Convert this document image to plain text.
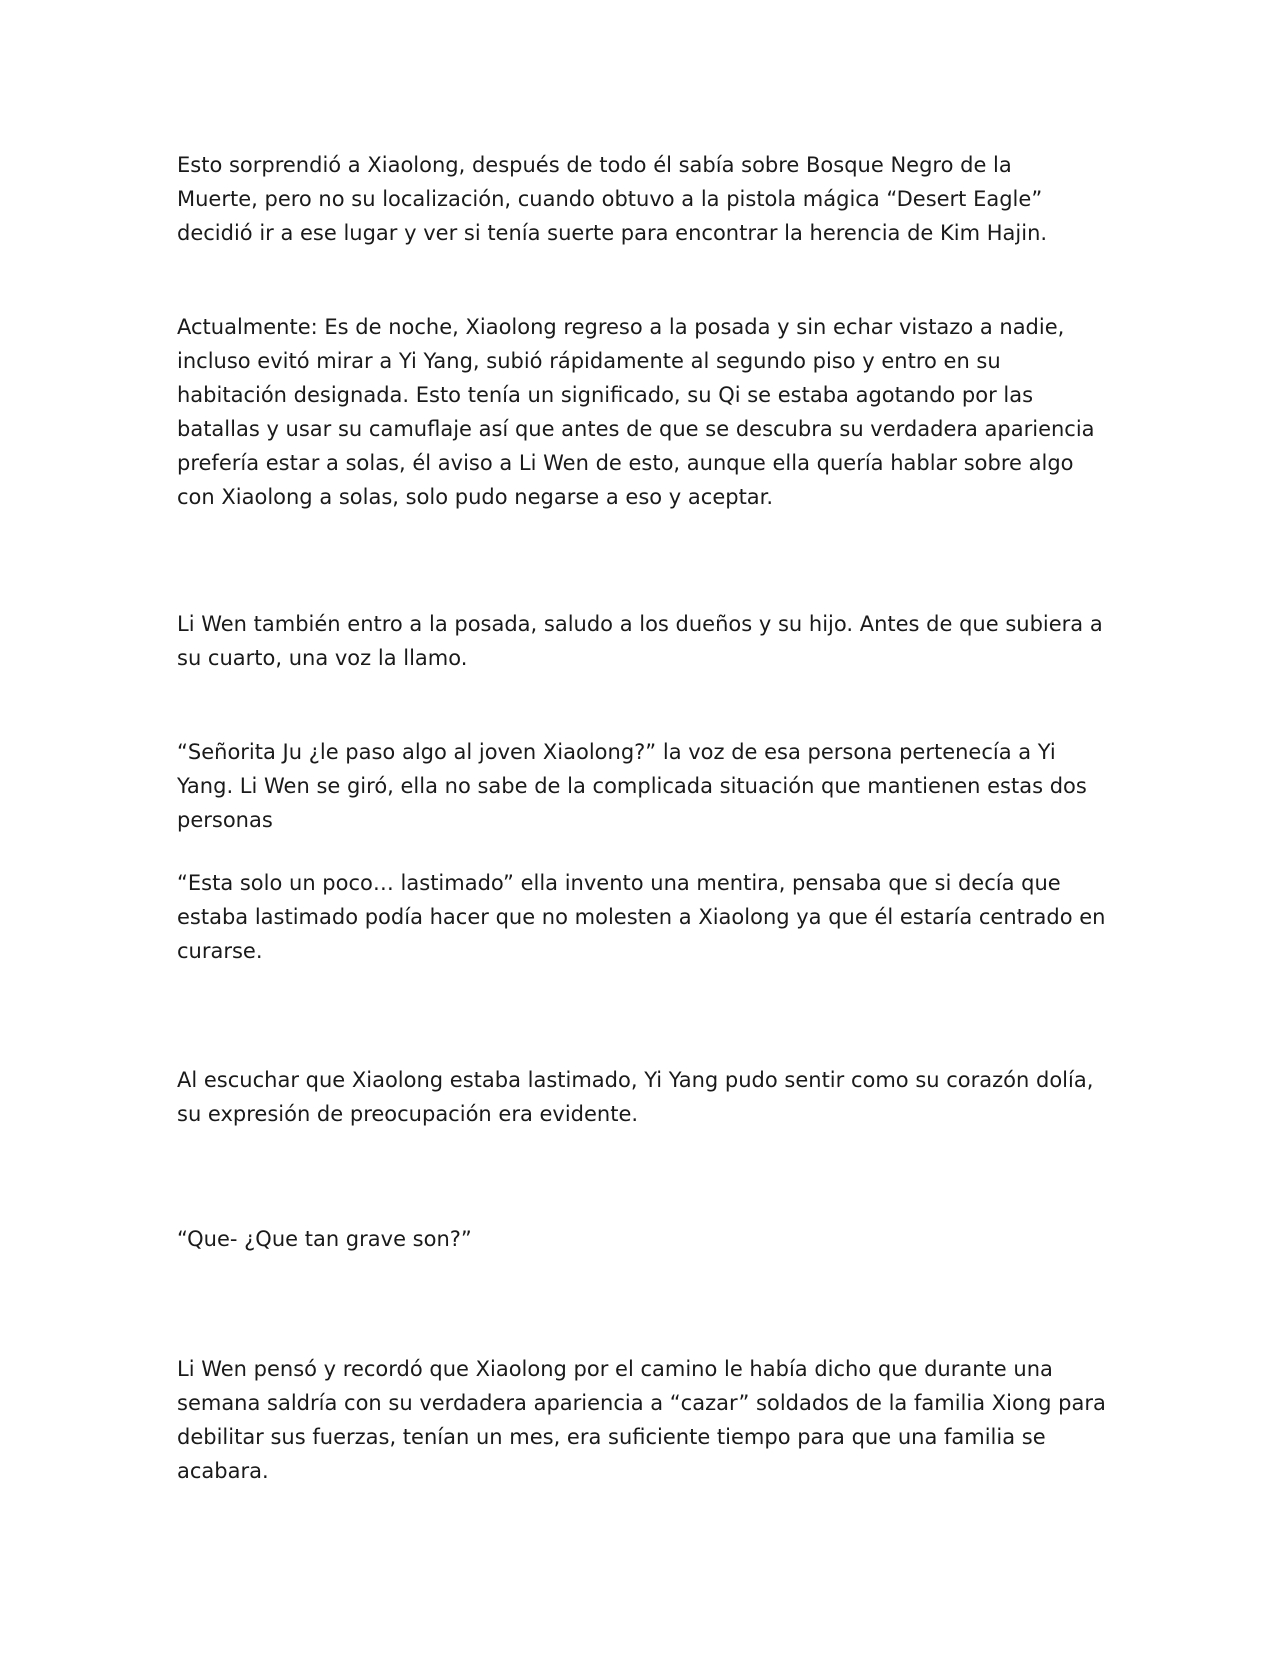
Esto sorprendió a Xiaolong, después de todo él sabía sobre Bosque Negro de la
Muerte, pero no su localización, cuando obtuvo a la pistola mágica “Desert Eagle”
decidió ir a ese lugar y ver si tenía suerte para encontrar la herencia de Kim Hajin.

Actualmente: Es de noche, Xiaolong regreso a la posada y sin echar vistazo a nadie,
incluso evitó mirar a Yi Yang, subió rápidamente al segundo piso y entro en su
habitación designada. Esto tenía un significado, su Qi se estaba agotando por las
batallas y usar su camuflaje así que antes de que se descubra su verdadera apariencia
prefería estar a solas, él aviso a Li Wen de esto, aunque ella quería hablar sobre algo
con Xiaolong a solas, solo pudo negarse a eso y aceptar.

Li Wen también entro a la posada, saludo a los dueños y su hijo. Antes de que subiera a
su cuarto, una voz la llamo.

“Señorita Ju ¿le paso algo al joven Xiaolong?” la voz de esa persona pertenecía a Yi
Yang. Li Wen se giró, ella no sabe de la complicada situación que mantienen estas dos
personas

“Esta solo un poco… lastimado” ella invento una mentira, pensaba que si decía que
estaba lastimado podía hacer que no molesten a Xiaolong ya que él estaría centrado en
curarse.

Al escuchar que Xiaolong estaba lastimado, Yi Yang pudo sentir como su corazón dolía,
su expresión de preocupación era evidente.

“Que- ¿Que tan grave son?”

Li Wen pensó y recordó que Xiaolong por el camino le había dicho que durante una
semana saldría con su verdadera apariencia a “cazar” soldados de la familia Xiong para
debilitar sus fuerzas, tenían un mes, era suficiente tiempo para que una familia se
acabara.
